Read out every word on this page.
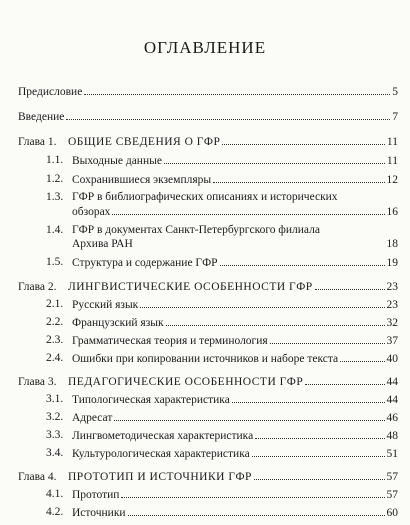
ОГЛАВЛЕНИЕ
Предисловие	5
Введение	7
Глава 1. ОБЩИЕ СВЕДЕНИЯ О ГФР	11
1.1. Выходные данные	11
1.2. Сохранившиеся экземпляры	12
1.3. ГФР в библиографических описаниях и исторических
обзорах	16
1.4. ГФР в документах Санкт-Петербургского филиала
Архива РАН	18
1.5. Структура и содержание ГФР	19
Глава 2. ЛИНГВИСТИЧЕСКИЕ ОСОБЕННОСТИ ГФР	23
2.1. Русский язык	23
2.2. Французский язык	32
2.3. Грамматическая теория и терминология	37
2.4. Ошибки при копировании источников и наборе текста	40
Глава 3. ПЕДАГОГИЧЕСКИЕ ОСОБЕННОСТИ ГФР	44
3.1. Типологическая характеристика	44
3.2. Адресат	46
3.3. Лингвометодическая характеристика	48
3.4. Культурологическая характеристика	51
Глава 4. ПРОТОТИП И ИСТОЧНИКИ ГФР	57
4.1. Прототип	57
4.2. Источники	60
